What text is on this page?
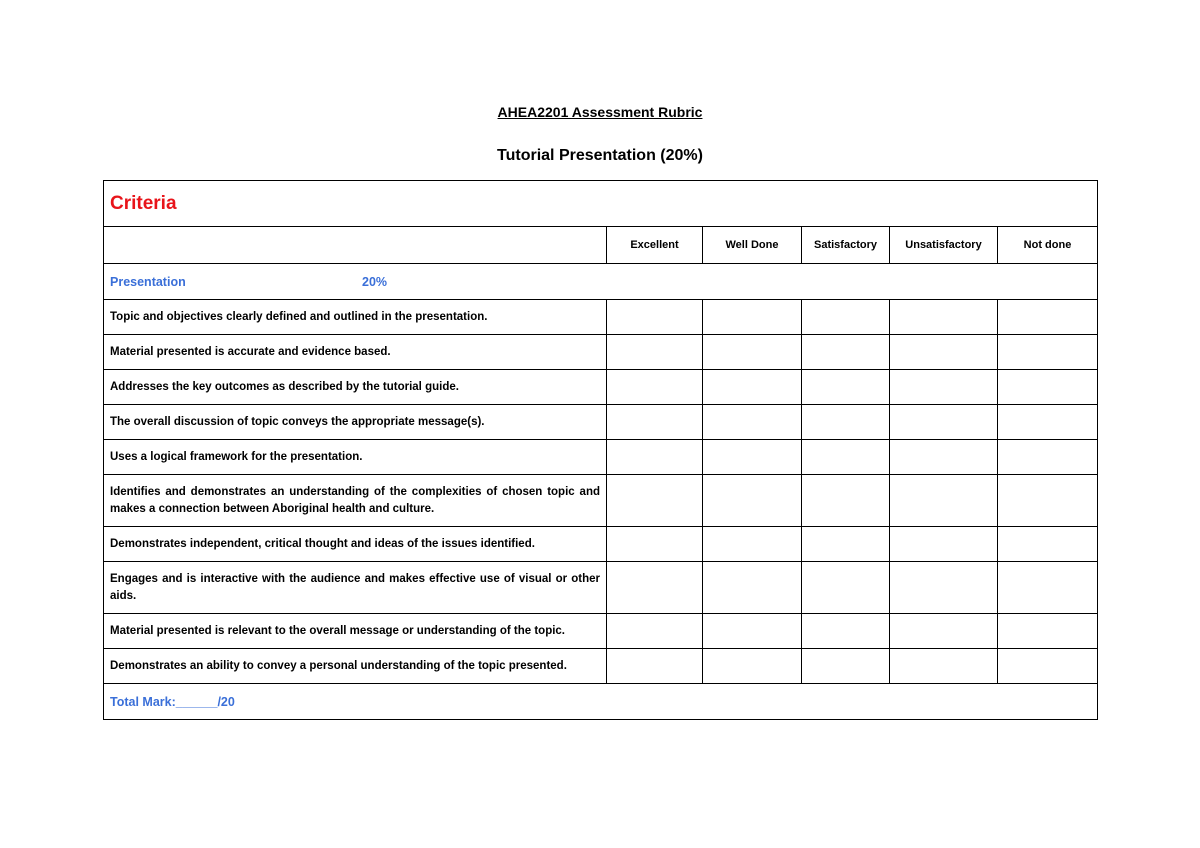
AHEA2201 Assessment Rubric
Tutorial Presentation (20%)
Criteria					
	Excellent	Well Done	Satisfactory	Unsatisfactory	Not done
Presentation 20%					
Topic and objectives clearly defined and outlined in the presentation.					
Material presented is accurate and evidence based.					
Addresses the key outcomes as described by the tutorial guide.					
The overall discussion of topic conveys the appropriate message(s).					
Uses a logical framework for the presentation.					
Identifies and demonstrates an understanding of the complexities of chosen topic and makes a connection between Aboriginal health and culture.					
Demonstrates independent, critical thought and ideas of the issues identified.					
Engages and is interactive with the audience and makes effective use of visual or other aids.					
Material presented is relevant to the overall message or understanding of the topic.					
Demonstrates an ability to convey a personal understanding of the topic presented.					
Total Mark:______/20					
